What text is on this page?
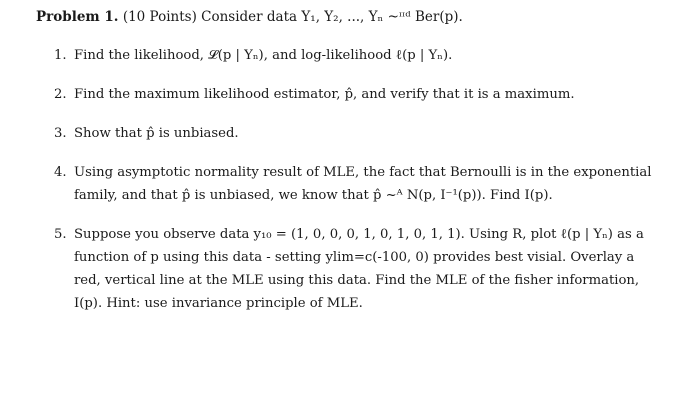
Problem 1. (10 Points) Consider data Y₁, Y₂, ..., Yₙ ~ᶦᶦᵈ Ber(p).
1. Find the likelihood, 𝓛(p | Yₙ), and log-likelihood ℓ(p | Yₙ).
2. Find the maximum likelihood estimator, p̂, and verify that it is a maximum.
3. Show that p̂ is unbiased.
4. Using asymptotic normality result of MLE, the fact that Bernoulli is in the exponential
family, and that p̂ is unbiased, we know that p̂ ~ᴬ N(p, I⁻¹(p)). Find I(p).
5. Suppose you observe data y₁₀ = (1, 0, 0, 0, 1, 0, 1, 0, 1, 1). Using R, plot ℓ(p | Yₙ) as a
function of p using this data - setting ylim=c(-100, 0) provides best visial. Overlay a
red, vertical line at the MLE using this data. Find the MLE of the fisher information,
I(p). Hint: use invariance principle of MLE.
